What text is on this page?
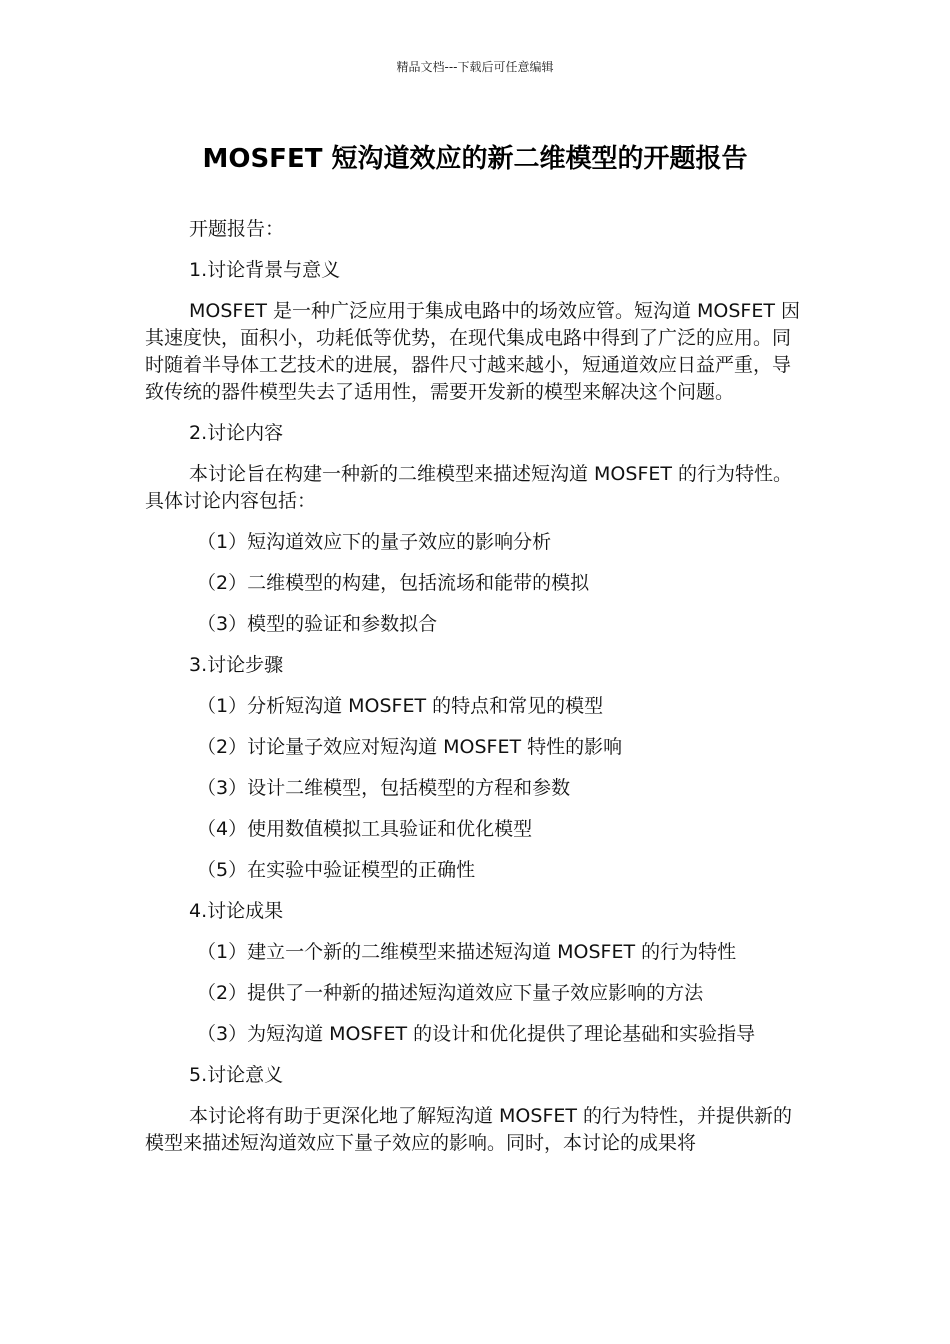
精品文档---下载后可任意编辑
MOSFET 短沟道效应的新二维模型的开题报告
开题报告：
1.讨论背景与意义
MOSFET 是一种广泛应用于集成电路中的场效应管。短沟道 MOSFET 因其速度快，面积小，功耗低等优势，在现代集成电路中得到了广泛的应用。同时随着半导体工艺技术的进展，器件尺寸越来越小，短通道效应日益严重，导致传统的器件模型失去了适用性，需要开发新的模型来解决这个问题。
2.讨论内容
本讨论旨在构建一种新的二维模型来描述短沟道 MOSFET 的行为特性。具体讨论内容包括：
（1）短沟道效应下的量子效应的影响分析
（2）二维模型的构建，包括流场和能带的模拟
（3）模型的验证和参数拟合
3.讨论步骤
（1）分析短沟道 MOSFET 的特点和常见的模型
（2）讨论量子效应对短沟道 MOSFET 特性的影响
（3）设计二维模型，包括模型的方程和参数
（4）使用数值模拟工具验证和优化模型
（5）在实验中验证模型的正确性
4.讨论成果
（1）建立一个新的二维模型来描述短沟道 MOSFET 的行为特性
（2）提供了一种新的描述短沟道效应下量子效应影响的方法
（3）为短沟道 MOSFET 的设计和优化提供了理论基础和实验指导
5.讨论意义
本讨论将有助于更深化地了解短沟道 MOSFET 的行为特性，并提供新的模型来描述短沟道效应下量子效应的影响。同时，本讨论的成果将
